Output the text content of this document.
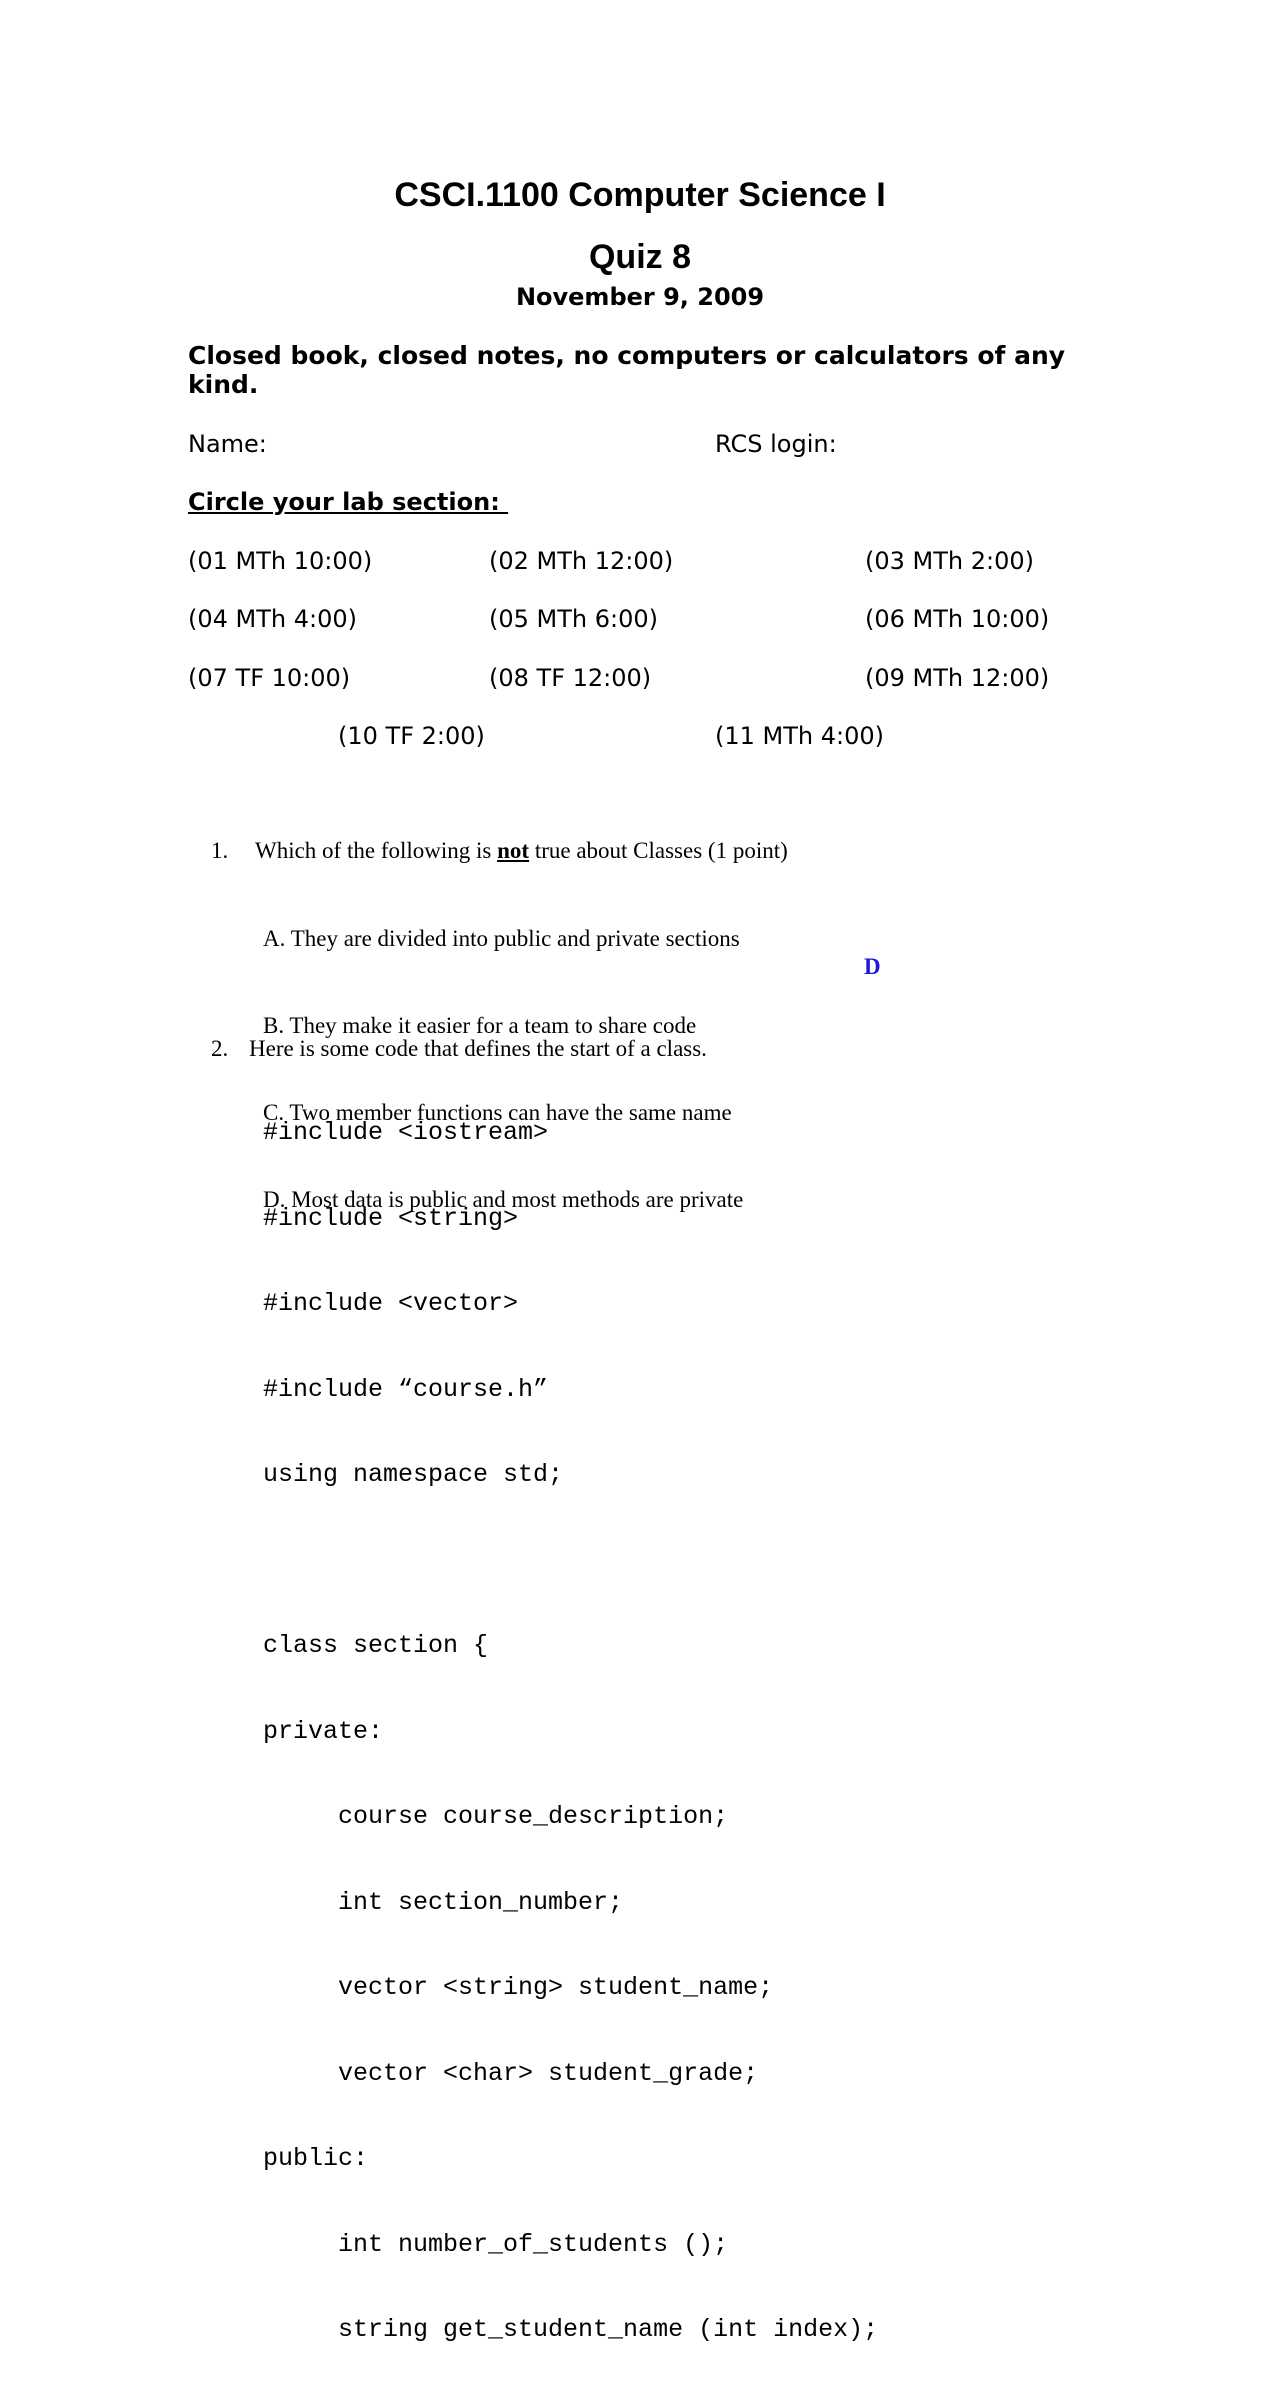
CSCI.1100 Computer Science I
Quiz 8
November 9, 2009

Closed book, closed notes, no computers or calculators of any kind.

Name:	RCS login:
Circle your lab section:
(01 MTh 10:00)	(02 MTh 12:00)	(03 MTh 2:00)
(04 MTh 4:00)	(05 MTh 6:00)	(06 MTh 10:00)
(07 TF 10:00)	(08 TF 12:00)	(09 MTh 12:00)
(10 TF 2:00)	(11 MTh 4:00)

1. Which of the following is not true about Classes (1 point)

A. They are divided into public and private sections

B. They make it easier for a team to share code

C. Two member functions can have the same name

D. Most data is public and most methods are private

D

2. Here is some code that defines the start of a class.

#include <iostream>

#include <string>

#include <vector>

#include “course.h”

using namespace std;

class section {

private:

course course_description;

int section_number;

vector <string> student_name;

vector <char> student_grade;

public:

int number_of_students ();

string get_student_name (int index);
